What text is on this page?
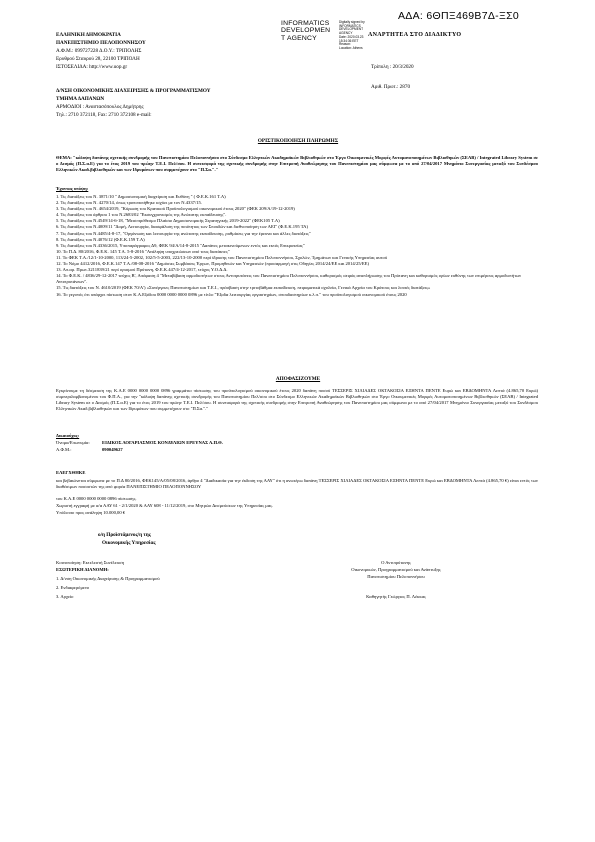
ΑΔΑ: 6ΘΠΞ469Β7Δ-ΞΣ0
INFORMATICS
DEVELOPMEN
T AGENCY
Digitally signed by
INFORMATICS DEVELOPMENT
AGENCY
Date: 2020.03.23
15:34:36 EET
Reason:
Location: Athens
ΑΝΑΡΤΗΤΕΑ ΣΤΟ ΔΙΑΔΙΚΤΥΟ
ΕΛΛΗΝΙΚΗ ΔΗΜΟΚΡΑΤΙΑ
ΠΑΝΕΠΙΣΤΗΜΙΟ ΠΕΛΟΠΟΝΝΗΣΟΥ
Α.Φ.Μ.: 099727228 Δ.Ο.Υ.: ΤΡΙΠΟΛΗΣ
Ερυθρού Σταυρού 28, 22100 ΤΡΙΠΟΛΗ
ΙΣΤΟΣΕΛΙΔΑ: http://www.uop.gr	Τρίπολη : 20/3/2020
Αριθ. Πρωτ.: 2870
Δ/ΝΣΗ ΟΙΚΟΝΟΜΙΚΗΣ ΔΙΑΧΕΙΡΙΣΗΣ & ΠΡΟΓΡΑΜΜΑΤΙΣΜΟΥ
ΤΜΗΜΑ ΔΑΠΑΝΩΝ
ΑΡΜΟΔΙΟΙ : Αναστασόπουλος Δημήτρης
Τηλ.: 2710 372118, Fax: 2710 372108 e-mail:
ΟΡΙΣΤΙΚΟΠΟΙΗΣΗ ΠΛΗΡΩΜΗΣ
ΘΕΜΑ: "κάλυψη δαπάνης σχετικής συνδρομής του Πανεπιστημίου Πελοποννήσου στο Σύνδεσμο Ελληνικών Ακαδημαϊκών Βιβλιοθηκών στο Έργο Οικουμενικές Μορφές Αυτοματοποιημένων Βιβλιοθηκών (ΣΕΑΒ) / Integrated Library System σε ο Δεσμός (Π.Σ.α.Ε) για το έτος 2019 του πρώην Τ.Ε.Ι. Πελ/σου. Η συνεισφορά της σχετικής συνδρομής στην Επιτροπή Αναθεώρησης του Πανεπιστημίου μας σύμφωνα με το από 27/04/2017 Μνημόνιο Συνεργασίας μεταξύ του Συνδέσμου Ελληνικών Ακαδ.βιβλιοθηκών και των Ιδρυμάτων που συμμετέχουν στο "Π.Σα."."
Έχοντας υπόψη:
1. Τις διατάξεις του Ν. 3871/10 " Δημοσιονομική διαχείριση και Ευθύνη " ( Φ.Ε.Κ.161 Τ.Α)
2. Τις διατάξεις του Ν. 4270/14, όπως τροποποιήθηκε ισχύει με τον Ν.4337/15.
3. Τις διατάξεις του Ν. 4654/2019, "Κύρωση του Κρατικού Προϋπολογισμού οικονομικού έτους 2020" (ΦΕΚ 209/Α/19-12-2019)
4. Τις διατάξεις του άρθρου 1 του Ν.2683/02 "Εκσυγχρονισμός της Ανώτατης εκπαίδευσης".
5. Τις διατάξεις του Ν.4549/14-6-18, "Μεσοπρόθεσμο Πλαίσιο Δημοσιονομικής Στρατηγικής 2019-2022" (ΦΕΚ105 Τ.Α)
6. Τις διατάξεις του Ν.4009/11 "Δομή, Λειτουργία, διασφάλιση της ποιότητας των Σπουδών και διεθνοποίηση των ΑΕΙ" (Φ.Ε.Κ.195 ΤΑ)
7. Τις διατάξεις του Ν.4485/4-8-17, "Οργάνωση και λειτουργία της ανώτατης εκπαίδευσης, ρυθμίσεις για την έρευνα και άλλες διατάξεις"
8. Τις διατάξεις του Ν.4076/12 (Φ.Ε.Κ.159 Τ.Α)
9. Τις διατάξεις του Ν.4336/2015, Υποπαράγραφος Δ9, ΦΕΚ 94/Α/14-8-2015 "Δαπάνες μετακινούμενων εντός και εκτός Επικρατείας"
10. Το Π.Δ. 80/2016, Φ.Ε.Κ. 145 Τ.Α. 5-8-2016 "Ανάληψη υποχρεώσεων από τους διατάκτες"
11. Το ΦΕΚ Τ.Α./12/1-10-2000, 113/24-5-2002, 102/5-5-2003, 222/13-10-2000 περί ίδρυσης του Πανεπιστημίου Πελοποννήσου, Σχολών, Τμημάτων και Γενικής Υπηρεσίας αυτού
12. Το Νόμο 4412/2016, Φ.Ε.Κ.147 Τ.Α./08-08-2016 "Δημόσιες Συμβάσεις Έργων, Προμηθειών και Υπηρεσιών (προσαρμογή στις Οδηγίες 2014/24/ΕΕ και 2014/25/ΕΕ)
13. Απ.αρ. Πρωτ.3211839/21 περί ορισμού Πρύτανη, Φ.Ε.Κ.447/4-12-2017, τεύχος Υ.Ο.Δ.Δ.
14. Το Φ.Ε.Κ. / 4836/29-12-2017 τεύχος Β', Απόφαση 4 "Μεταβίβαση αρμοδιοτήτων στους Αντιπρυτάνεις του Πανεπιστημίου Πελοποννήσου, καθορισμός σειράς αναπλήρωσης του Πρύτανη και καθορισμός ορίων ευθύνης των επιμέρους αρμοδιοτήτων Αντιπρυτάνεων".
15. Τις διατάξεις του Ν. 4610/2019 (ΦΕΚ 70/Α') «Συνέργειες Πανεπιστημίων και Τ.Ε.Ι., πρόσβαση στην τριτοβάθμια εκπαίδευση, πειραματικά σχολεία, Γενικά Αρχεία του Κράτους και λοιπές διατάξεις»
16. Το γεγονός ότι υπάρχει πίστωση στον Κ.Α.Εξόδου 0000 0000 0000 0896 με τίτλο "Έξοδα λειτουργίας εργαστηρίων, σπουδαστηρίων κ.λ.π." του προϋπολογισμού οικονομικού έτους 2020
ΑΠΟΦΑΣΙΖΟΥΜΕ
Εγκρίνουμε τη δέσμευση της Κ.Α.Ε 0000 0000 0000 0896 γραμμάτιο πίστωσης του προϋπολογισμού οικονομικού έτους 2020 δαπάνη ποσού ΤΕΣΣΕΡΙΣ ΧΙΛΙΑΔΕΣ ΟΚΤΑΚΟΣΙΑ ΕΞΗΝΤΑ ΠΕΝΤΕ Ευρώ και ΕΒΔΟΜΗΝΤΑ Λεπτά (4.865,70 Ευρώ) συμπεριλαμβανομένου του Φ.Π.Α., για την "κάλυψη δαπάνης σχετικής συνδρομής του Πανεπιστημίου Πελ/σου στο Σύνδεσμο Ελληνικών Ακαδημαϊκών Βιβλιοθηκών στο Έργο Οικουμενικές Μορφές Αυτοματοποιημένων Βιβλιοθηκών (ΣΕΑΒ) / Integrated Library System σε ο Δεσμός (Π.Σ.α.Ε) για το έτος 2019 του πρώην Τ.Ε.Ι. Πελ/σου. Η συνεισφορά της σχετικής συνδρομής στην Επιτροπή Αναθεώρησης του Πανεπιστημίου μας σύμφωνα με το από 27/04/2017 Μνημόνιο Συνεργασίας μεταξύ του Συνδέσμου Ελληνικών Ακαδ.βιβλιοθηκών και των Ιδρυμάτων που συμμετέχουν στο "Π.Σα."."
Δικαιούχος:
Όνομα/Επωνυμία:	ΕΙΔΙΚΟΣ ΛΟΓΑΡΙΑΣΜΟΣ ΚΟΝΔΥΛΙΩΝ ΕΡΕΥΝΑΣ Α.Π.Θ.
Α.Φ.Μ.:	090049627
ΕΛΕΓΧΘΗΚΕ
και βεβαιώνεται σύμφωνα με το Π.Δ 80/2016, ΦΕΚ145/Α/05/08/2016, άρθρο 4 "Διαδικασία για την έκδοση της ΑΑΥ" ότι η ανωτέρω δαπάνη ΤΕΣΣΕΡΙΣ ΧΙΛΙΑΔΕΣ ΟΚΤΑΚΟΣΙΑ ΕΞΗΝΤΑ ΠΕΝΤΕ Ευρώ και ΕΒΔΟΜΗΝΤΑ Λεπτά (4.865,70 €) είναι εντός των διαθέσιμων ποσοστών της από φορέα ΠΑΝΕΠΙΣΤΗΜΙΟ ΠΕΛΟΠΟΝΝΗΣΟΥ
του Κ.Α.Ε 0000 0000 0000 0896 πίστωσης.
Χωριστή εγγραφή με α/α ΑΑΥ 61 - 2/1/2020 & ΑΑΥ 608 - 11/12/2019, στο Μητρώο Δεσμεύσεων της Υπηρεσίας μας.
Υπόλοιπο προς ανάληψη 10.000,00 €
ο/η Προϊστάμενος/η της
Οικονομικής Υπηρεσίας
Κοινοποίηση: Εκτελεστή Συνέλευση
ΕΣΩΤΕΡΙΚΗ ΔΙΑΝΟΜΗ:
1. Δ/νση Οικονομικής Διαχείρισης & Προγραμματισμού
2. Ενδιαφερόμενο
3. Αρχείο
Ο Αντιπρύτανης
Οικονομικών, Προγραμματισμού και Ανάπτυξης
Πανεπιστημίου Πελοποννήσου
Καθηγητής Γεώργιος Π. Λέκκας
